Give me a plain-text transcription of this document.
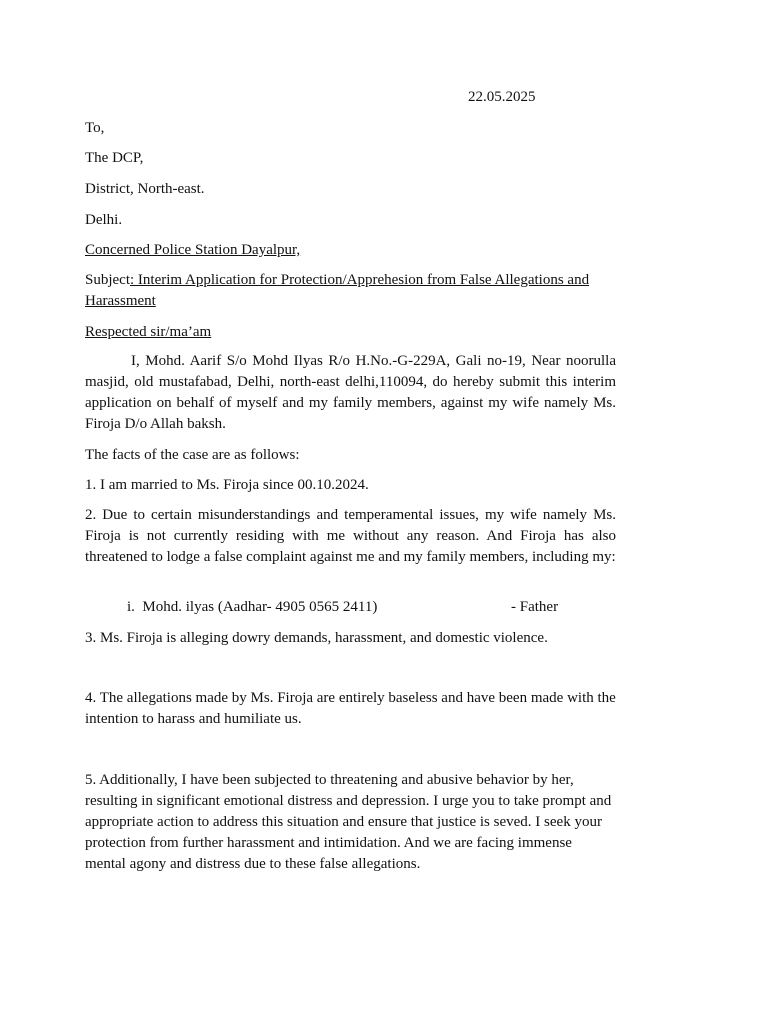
22.05.2025
To,
The DCP,
District, North-east.
Delhi.
Concerned Police Station Dayalpur,
Subject: Interim Application for Protection/Apprehesion from False Allegations and Harassment
Respected sir/ma’am
I, Mohd. Aarif S/o Mohd Ilyas R/o H.No.-G-229A, Gali no-19, Near noorulla masjid, old mustafabad, Delhi, north-east delhi,110094, do hereby submit this interim application on behalf of myself and my family members, against my wife namely Ms. Firoja D/o Allah baksh.
The facts of the case are as follows:
1. I am married to Ms. Firoja since 00.10.2024.
2. Due to certain misunderstandings and temperamental issues, my wife namely Ms. Firoja is not currently residing with me without any reason. And Firoja has also threatened to lodge a false complaint against me and my family members, including my:
i. Mohd. ilyas (Aadhar- 4905 0565 2411)	- Father
3. Ms. Firoja is alleging dowry demands, harassment, and domestic violence.
4. The allegations made by Ms. Firoja are entirely baseless and have been made with the intention to harass and humiliate us.
5. Additionally, I have been subjected to threatening and abusive behavior by her, resulting in significant emotional distress and depression. I urge you to take prompt and appropriate action to address this situation and ensure that justice is seved. I seek your protection from further harassment and intimidation. And we are facing immense mental agony and distress due to these false allegations.
